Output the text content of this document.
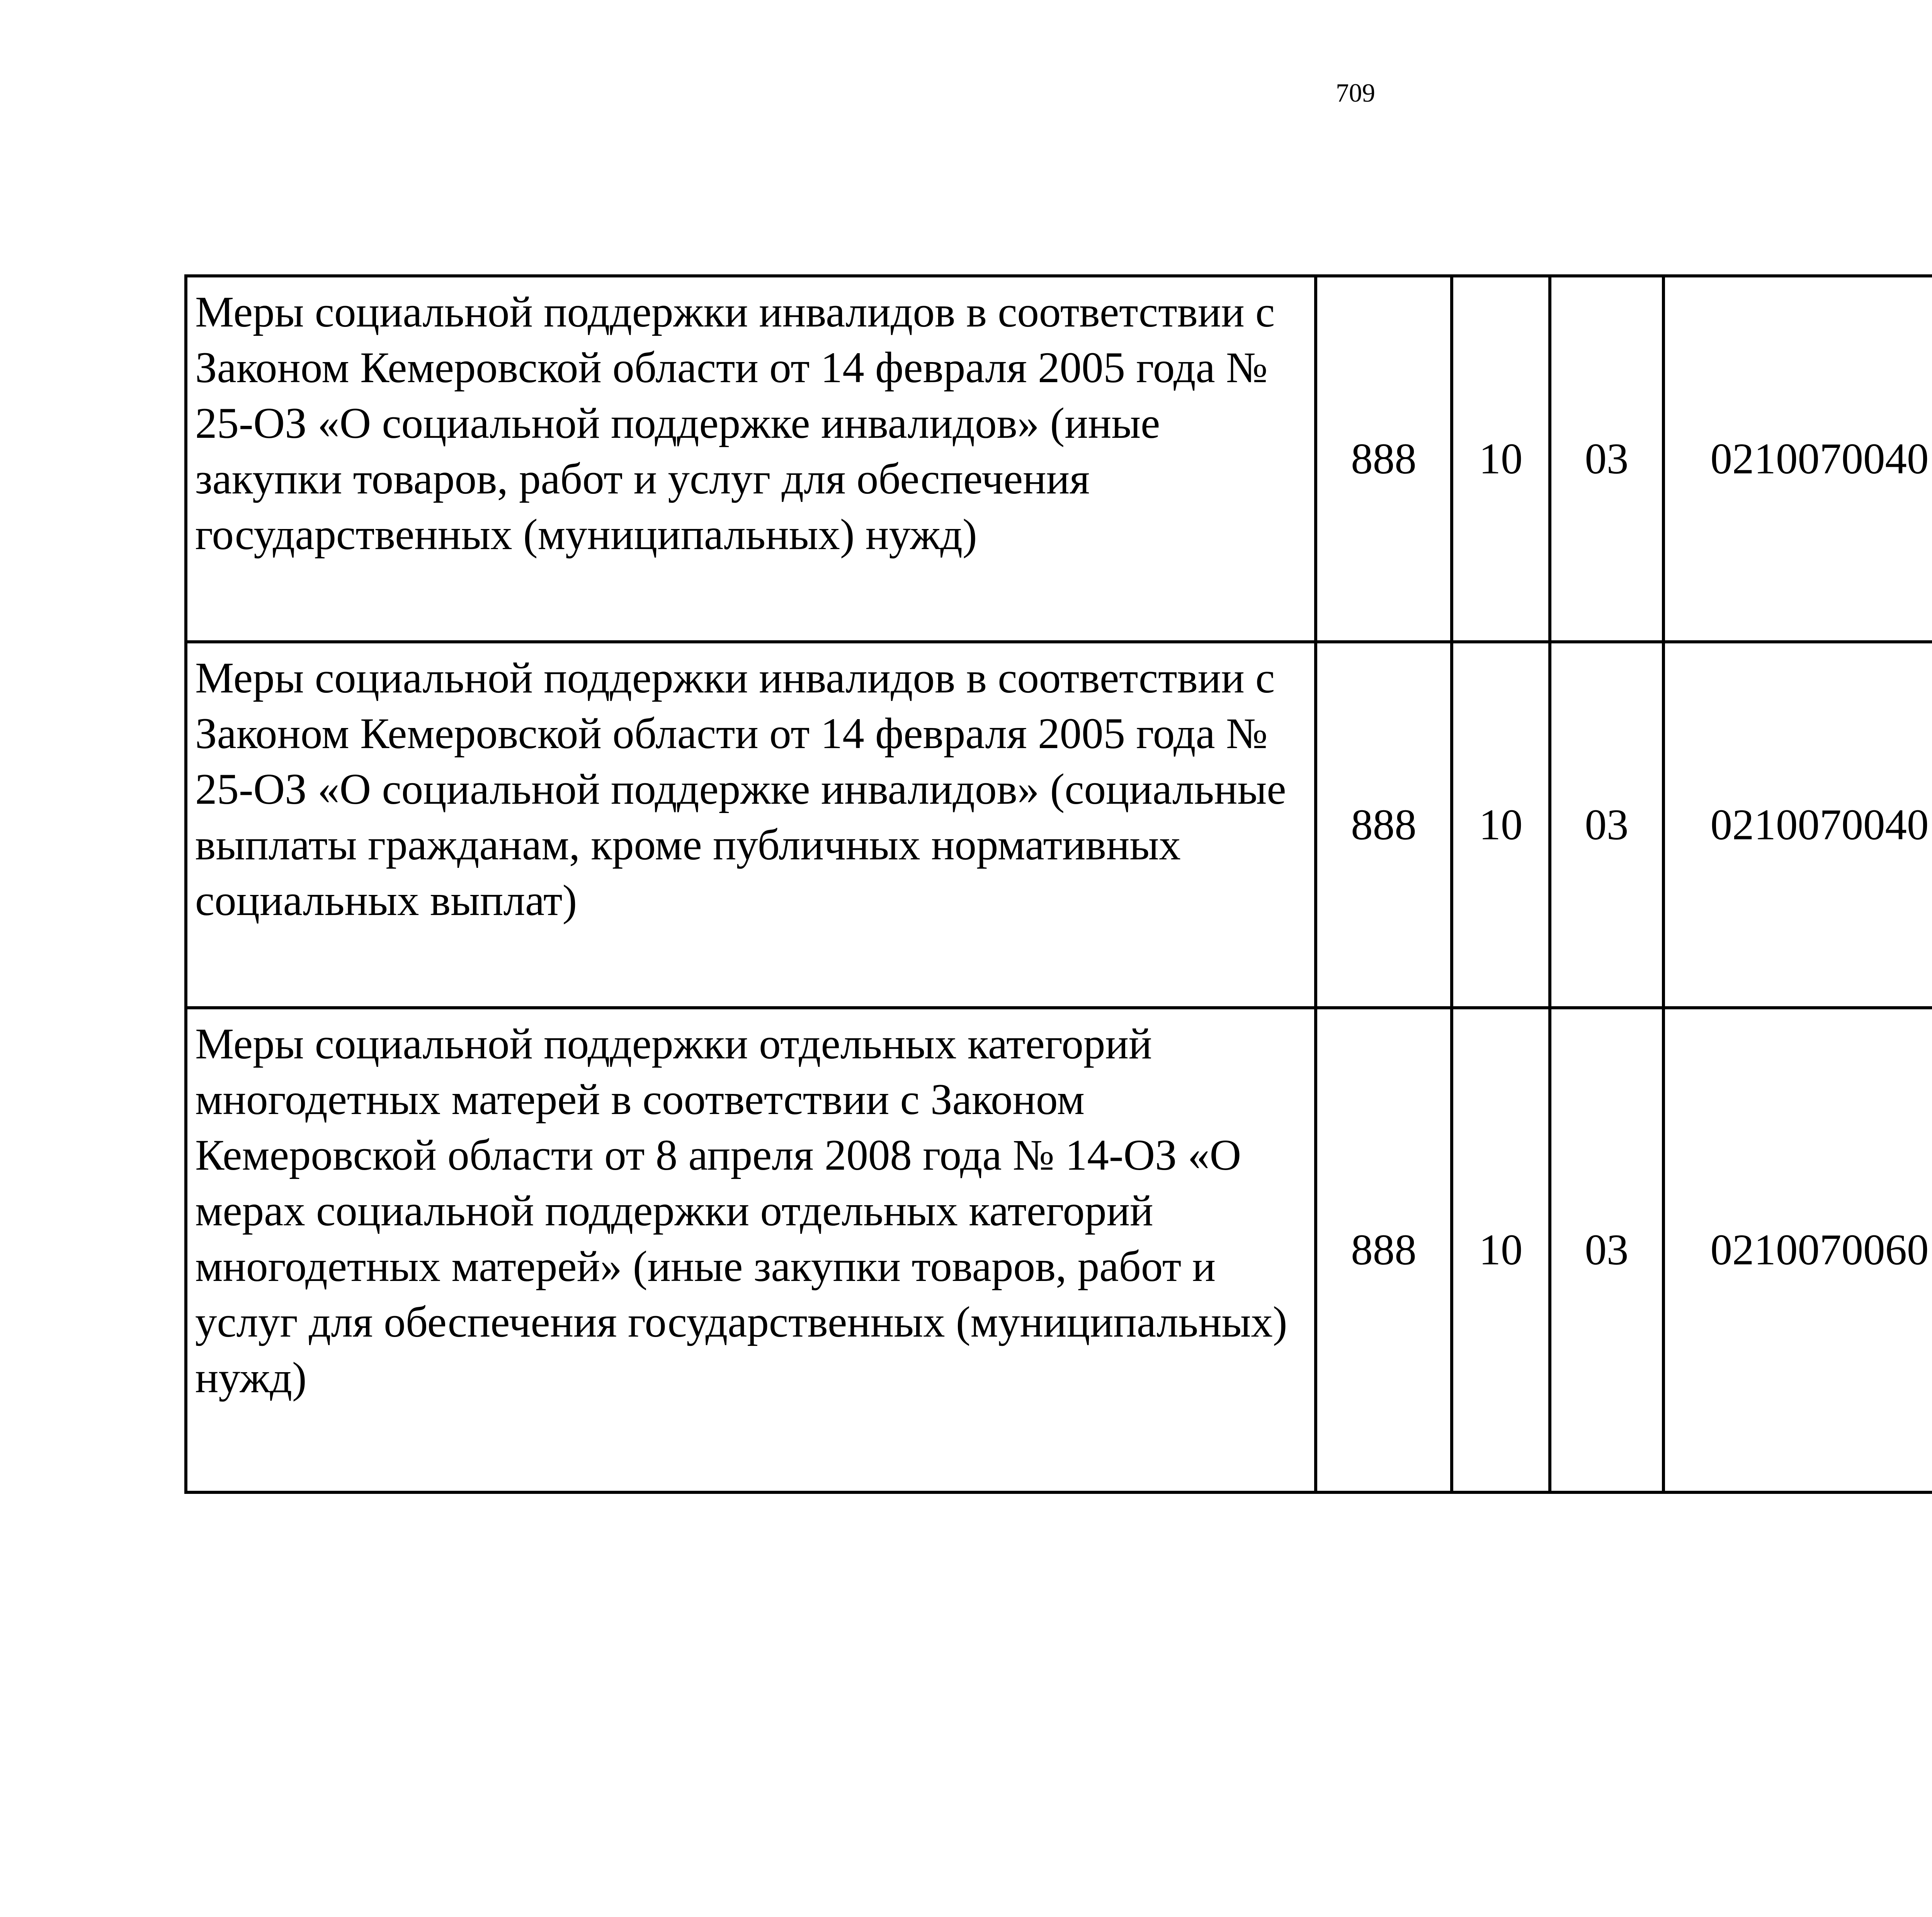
709
Меры социальной поддержки инвалидов в соответствии с Законом Кемеровской области от 14 февраля 2005 года № 25-ОЗ «О социальной поддержке инвалидов» (иные закупки товаров, работ и услуг для обеспечения государственных (муниципальных) нужд)	888	10	03	0210070040		
Меры социальной поддержки инвалидов в соответствии с Законом Кемеровской области от 14 февраля 2005 года № 25-ОЗ «О социальной поддержке инвалидов» (социальные выплаты гражданам, кроме публичных нормативных социальных выплат)	888	10	03	0210070040		
Меры социальной поддержки отдельных категорий многодетных матерей в соответствии с Законом Кемеровской области от 8 апреля 2008 года № 14-ОЗ «О мерах социальной поддержки отдельных категорий многодетных матерей» (иные закупки товаров, работ и услуг для обеспечения государственных (муниципальных) нужд)	888	10	03	0210070060		
